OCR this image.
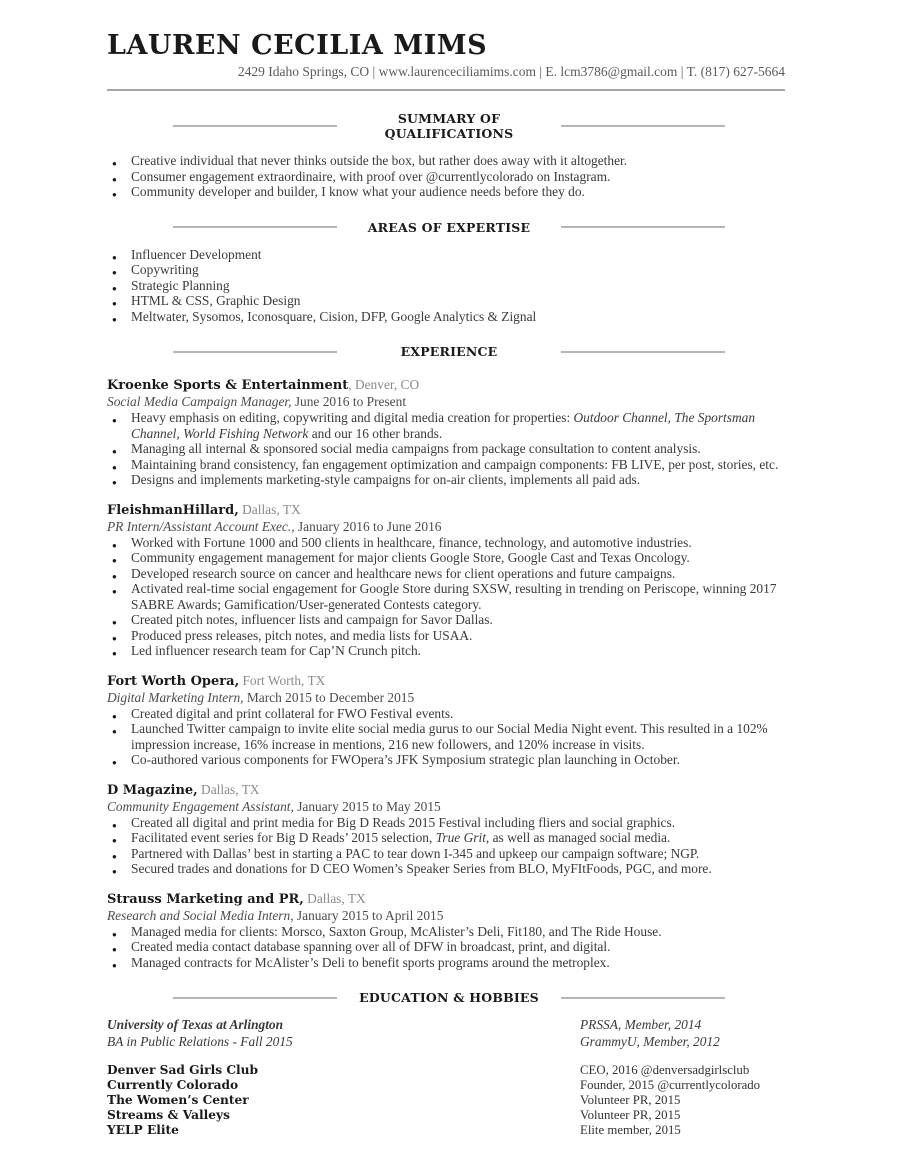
LAUREN CECILIA MIMS
2429 Idaho Springs, CO | www.laurenceciliamims.com | E. lcm3786@gmail.com | T. (817) 627-5664
SUMMARY OF QUALIFICATIONS
● Creative individual that never thinks outside the box, but rather does away with it altogether.
● Consumer engagement extraordinaire, with proof over @currentlycolorado on Instagram.
● Community developer and builder, I know what your audience needs before they do.
AREAS OF EXPERTISE
● Influencer Development
● Copywriting
● Strategic Planning
● HTML & CSS, Graphic Design
● Meltwater, Sysomos, Iconosquare, Cision, DFP, Google Analytics & Zignal
EXPERIENCE
Kroenke Sports & Entertainment, Denver, CO
Social Media Campaign Manager, June 2016 to Present
● Heavy emphasis on editing, copywriting and digital media creation for properties: Outdoor Channel, The Sportsman Channel, World Fishing Network and our 16 other brands.
● Managing all internal & sponsored social media campaigns from package consultation to content analysis.
● Maintaining brand consistency, fan engagement optimization and campaign components: FB LIVE, per post, stories, etc.
● Designs and implements marketing-style campaigns for on-air clients, implements all paid ads.
FleishmanHillard, Dallas, TX
PR Intern/Assistant Account Exec., January 2016 to June 2016
● Worked with Fortune 1000 and 500 clients in healthcare, finance, technology, and automotive industries.
● Community engagement management for major clients Google Store, Google Cast and Texas Oncology.
● Developed research source on cancer and healthcare news for client operations and future campaigns.
● Activated real-time social engagement for Google Store during SXSW, resulting in trending on Periscope, winning 2017 SABRE Awards; Gamification/User-generated Contests category.
● Created pitch notes, influencer lists and campaign for Savor Dallas.
● Produced press releases, pitch notes, and media lists for USAA.
● Led influencer research team for Cap’N Crunch pitch.
Fort Worth Opera, Fort Worth, TX
Digital Marketing Intern, March 2015 to December 2015
● Created digital and print collateral for FWO Festival events.
● Launched Twitter campaign to invite elite social media gurus to our Social Media Night event. This resulted in a 102% impression increase, 16% increase in mentions, 216 new followers, and 120% increase in visits.
● Co-authored various components for FWOpera’s JFK Symposium strategic plan launching in October.
D Magazine, Dallas, TX
Community Engagement Assistant, January 2015 to May 2015
● Created all digital and print media for Big D Reads 2015 Festival including fliers and social graphics.
● Facilitated event series for Big D Reads’ 2015 selection, True Grit, as well as managed social media.
● Partnered with Dallas’ best in starting a PAC to tear down I-345 and upkeep our campaign software; NGP.
● Secured trades and donations for D CEO Women’s Speaker Series from BLO, MyFItFoods, PGC, and more.
Strauss Marketing and PR, Dallas, TX
Research and Social Media Intern, January 2015 to April 2015
● Managed media for clients: Morsco, Saxton Group, McAlister’s Deli, Fit180, and The Ride House.
● Created media contact database spanning over all of DFW in broadcast, print, and digital.
● Managed contracts for McAlister’s Deli to benefit sports programs around the metroplex.
EDUCATION & HOBBIES
University of Texas at Arlington	PRSSA, Member, 2014
BA in Public Relations - Fall 2015	GrammyU, Member, 2012
Denver Sad Girls Club	CEO, 2016 @denversadgirlsclub
Currently Colorado	Founder, 2015 @currentlycolorado
The Women’s Center	Volunteer PR, 2015
Streams & Valleys	Volunteer PR, 2015
YELP Elite	Elite member, 2015
